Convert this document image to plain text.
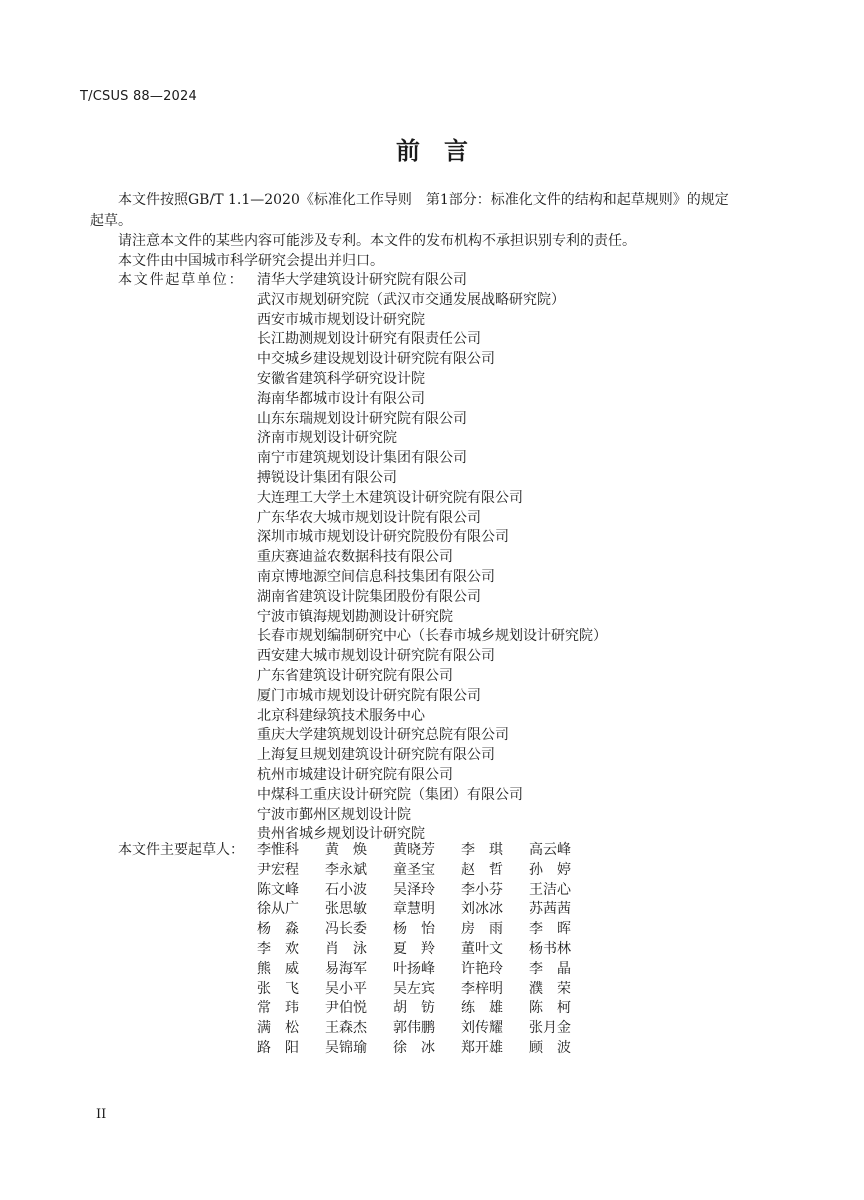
T/CSUS 88—2024
前言
本文件按照GB/T 1.1—2020《标准化工作导则　第1部分：标准化文件的结构和起草规则》的规定
起草。
请注意本文件的某些内容可能涉及专利。本文件的发布机构不承担识别专利的责任。
本文件由中国城市科学研究会提出并归口。
本文件起草单位： 清华大学建筑设计研究院有限公司
武汉市规划研究院（武汉市交通发展战略研究院）
西安市城市规划设计研究院
长江勘测规划设计研究有限责任公司
中交城乡建设规划设计研究院有限公司
安徽省建筑科学研究设计院
海南华都城市设计有限公司
山东东瑞规划设计研究院有限公司
济南市规划设计研究院
南宁市建筑规划设计集团有限公司
搏锐设计集团有限公司
大连理工大学土木建筑设计研究院有限公司
广东华农大城市规划设计院有限公司
深圳市城市规划设计研究院股份有限公司
重庆赛迪益农数据科技有限公司
南京博地源空间信息科技集团有限公司
湖南省建筑设计院集团股份有限公司
宁波市镇海规划勘测设计研究院
长春市规划编制研究中心（长春市城乡规划设计研究院）
西安建大城市规划设计研究院有限公司
广东省建筑设计研究院有限公司
厦门市城市规划设计研究院有限公司
北京科建绿筑技术服务中心
重庆大学建筑规划设计研究总院有限公司
上海复旦规划建筑设计研究院有限公司
杭州市城建设计研究院有限公司
中煤科工重庆设计研究院（集团）有限公司
宁波市鄞州区规划设计院
贵州省城乡规划设计研究院
本文件主要起草人： 李惟科	黄　焕	黄晓芳	李　琪	高云峰
尹宏程	李永斌	童圣宝	赵　哲	孙　婷
陈文峰	石小波	吴泽玲	李小芬	王洁心
徐从广	张思敏	章慧明	刘冰冰	苏茜茜
杨　淼	冯长委	杨　怡	房　雨	李　晖
李　欢	肖　泳	夏　羚	董叶文	杨书林
熊　威	易海军	叶扬峰	许艳玲	李　晶
张　飞	吴小平	吴左宾	李梓明	濮　荣
常　玮	尹伯悦	胡　钫	练　雄	陈　柯
满　松	王森杰	郭伟鹏	刘传耀	张月金
路　阳	吴锦瑜	徐　冰	郑开雄	顾　波
II
